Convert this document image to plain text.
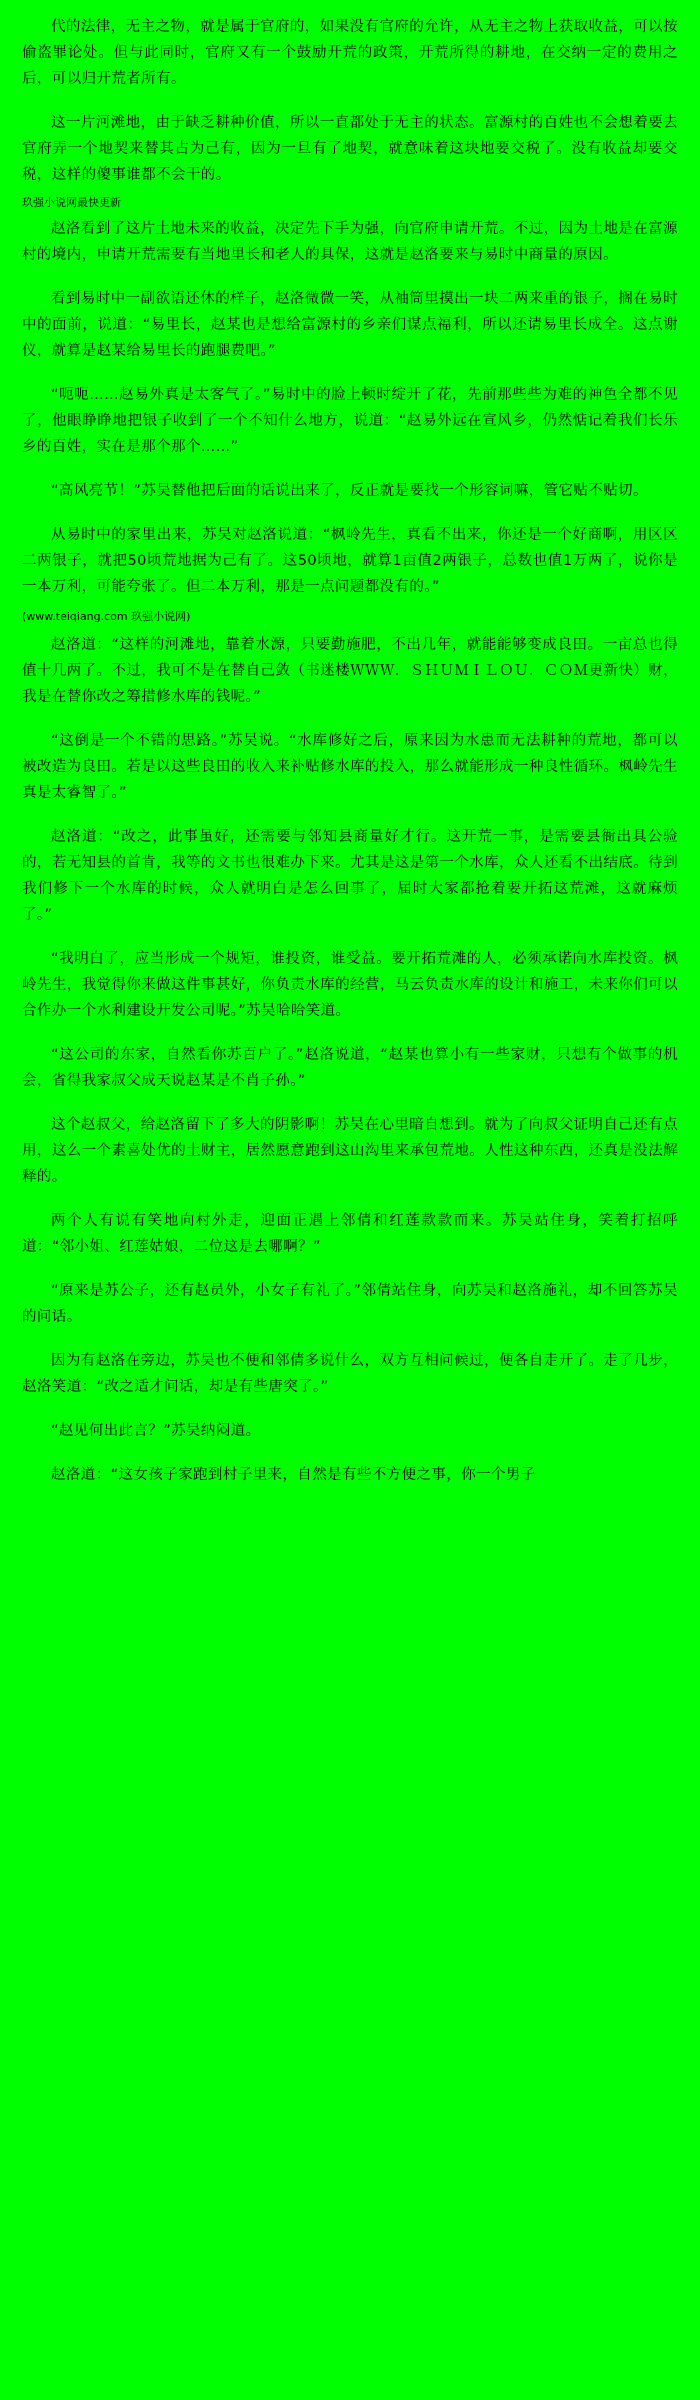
代的法律，无主之物，就是属于官府的，如果没有官府的允许，从无主之物上获取收益，可以按偷盗罪论处。但与此同时，官府又有一个鼓励开荒的政策，开荒所得的耕地，在交纳一定的费用之后，可以归开荒者所有。

这一片河滩地，由于缺乏耕种价值，所以一直都处于无主的状态。富源村的百姓也不会想着要去官府弄一个地契来替其占为己有，因为一旦有了地契，就意味着这块地要交税了。没有收益却要交税，这样的傻事谁都不会干的。

玖强小说网最快更新

赵洛看到了这片土地未来的收益，决定先下手为强，向官府申请开荒。不过，因为土地是在富源村的境内，申请开荒需要有当地里长和老人的具保，这就是赵洛要来与易时中商量的原因。

看到易时中一副欲语还休的样子，赵洛微微一笑，从袖筒里摸出一块二两来重的银子，搁在易时中的面前，说道：“易里长，赵某也是想给富源村的乡亲们谋点福利，所以还请易里长成全。这点谢仪，就算是赵某给易里长的跑腿费吧。”

“呃呃……赵易外真是太客气了。”易时中的脸上顿时绽开了花，先前那些些为难的神色全都不见了，他眼睁睁地把银子收到了一个不知什么地方，说道：“赵易外远在宣风乡，仍然惦记着我们长乐乡的百姓，实在是那个那个……”

“高风亮节！”苏吴替他把后面的话说出来了，反正就是要找一个形容词嘛，管它贴不贴切。

从易时中的家里出来，苏吴对赵洛说道：“枫岭先生，真看不出来，你还是一个好商啊，用区区二两银子，就把50顷荒地据为己有了。这50顷地，就算1亩值2两银子，总数也值1万两了，说你是一本万利，可能夸张了。但二本万利，那是一点问题都没有的。”

(www.teiqiang.com 玖强小说网)

赵洛道：“这样的河滩地，靠着水源，只要勤施肥，不出几年，就能能够变成良田。一亩总也得值十几两了。不过，我可不是在替自己敛（书迷楼ＷＷＷ．ＳＨＵＭＩＬＯＵ．ＣＯＭ更新快）财，我是在替你改之筹措修水库的钱呢。”

“这倒是一个不错的思路。”苏吴说。“水库修好之后，原来因为水患而无法耕种的荒地，都可以被改造为良田。若是以这些良田的收入来补贴修水库的投入，那么就能形成一种良性循环。枫岭先生真是太睿智了。”

赵洛道：“改之，此事虽好，还需要与邻知县商量好才行。这开荒一事，是需要县衙出具公验的，若无知县的首肯，我等的文书也很难办下来。尤其是这是第一个水库，众人还看不出结底。待到我们修下一个水库的时候，众人就明白是怎么回事了，届时大家都抢着要开拓这荒滩，这就麻烦了。”

“我明白了，应当形成一个规矩，谁投资，谁受益。要开拓荒滩的人，必须承诺向水库投资。枫岭先生，我觉得你来做这件事甚好，你负责水库的经营，马云负责水库的设计和施工，未来你们可以合作办一个水利建设开发公司呢。”苏吴哈哈笑道。

“这公司的东家，自然看你苏百户了。”赵洛说道，“赵某也算小有一些家财，只想有个做事的机会，省得我家叔父成天说赵某是不肖子孙。”

这个赵叔父，给赵洛留下了多大的阴影啊！苏吴在心里暗自想到。就为了向叔父证明自己还有点用，这么一个素喜处优的土财主，居然愿意跑到这山沟里来承包荒地。人性这种东西，还真是没法解释的。

两个人有说有笑地向村外走，迎面正遇上邻倩和红莲款款而来。苏吴站住身，笑着打招呼道：“邻小姐、红莲姑娘，二位这是去哪啊？”

“原来是苏公子，还有赵员外，小女子有礼了。”邻倩站住身，向苏吴和赵洛施礼，却不回答苏吴的问话。

因为有赵洛在旁边，苏吴也不便和邻倩多说什么，双方互相问候过，便各自走开了。走了几步，赵洛笑道：“改之适才问话，却是有些唐突了。”

“赵见何出此言？”苏吴纳闷道。

赵洛道：“这女孩子家跑到村子里来，自然是有些不方便之事，你一个男子
